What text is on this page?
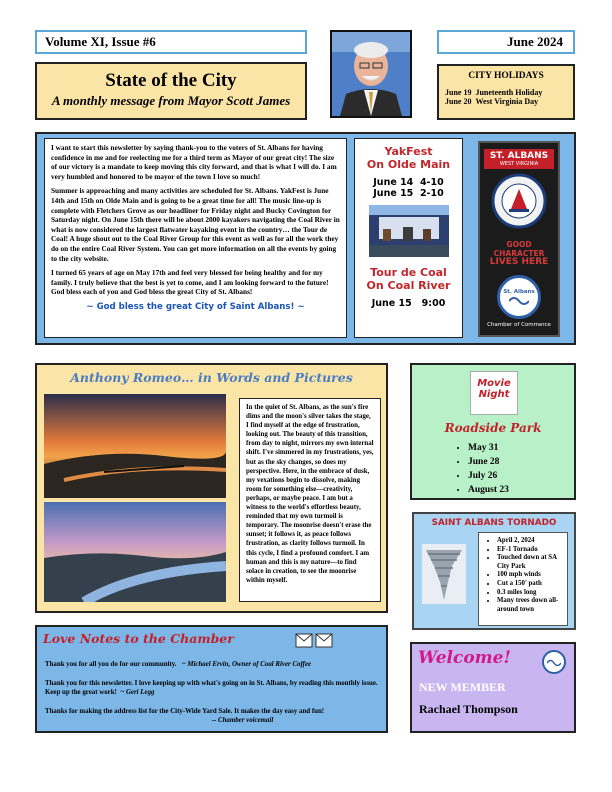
Volume XI, Issue #6	June 2024
State of the City
A monthly message from Mayor Scott James
CITY HOLIDAYS
June 19 Juneteenth Holiday
June 20 West Virginia Day

I want to start this newsletter by saying thank-you to the voters of St. Albans for having confidence in me and for reelecting me for a third term as Mayor of our great city! The size of our victory is a mandate to keep moving this city forward, and that is what I will do. I am very humbled and honored to be mayor of the town I love so much!

Summer is approaching and many activities are scheduled for St. Albans. YakFest is June 14th and 15th on Olde Main and is going to be a great time for all! The music line-up is complete with Fletchers Grove as our headliner for Friday night and Bucky Covington for Saturday night. On June 15th there will be about 2000 kayakers navigating the Coal River in what is now considered the largest flatwater kayaking event in the country… the Tour de Coal! A huge shout out to the Coal River Group for this event as well as for all the work they do on the entire Coal River System. You can get more information on all the events by going to the city website.

I turned 65 years of age on May 17th and feel very blessed for being healthy and for my family. I truly believe that the best is yet to come, and I am looking forward to the future! God bless each of you and God bless the great City of St. Albans!

~ God bless the great City of Saint Albans! ~
YakFest
On Olde Main
June 14 4-10
June 15 2-10
Tour de Coal
On Coal River
June 15 9:00
ST. ALBANS
WEST VIRGINIA
GOOD CHARACTER
LIVES HERE
St. Albans
Chamber of Commerce
Anthony Romeo… in Words and Pictures

In the quiet of St. Albans, as the sun's fire dims and the moon's silver takes the stage, I find myself at the edge of frustration, looking out. The beauty of this transition, from day to night, mirrors my own internal shift. I've simmered in my frustrations, yes, but as the sky changes, so does my perspective. Here, in the embrace of dusk, my vexations begin to dissolve, making room for something else—creativity, perhaps, or maybe peace. I am but a witness to the world's effortless beauty, reminded that my own turmoil is temporary. The moonrise doesn't erase the sunset; it follows it, as peace follows frustration, as clarity follows turmoil. In this cycle, I find a profound comfort. I am human and this is my nature—to find solace in creation, to see the moonrise within myself.

Movie
Night
Roadside Park
• May 31
• June 28
• July 26
• August 23
SAINT ALBANS TORNADO
• April 2, 2024
• EF-1 Tornado
• Touched down at SA City Park
• 100 mph winds
• Cut a 150' path
• 0.3 miles long
• Many trees down all-around town
Love Notes to the Chamber
Thank you for all you do for our community. ~ Michael Ervin, Owner of Coal River Coffee
Thank you for this newsletter. I love keeping up with what's going on in St. Albans, by reading this monthly issue. Keep up the great work! ~ Geri Legg
Thanks for making the address list for the City-Wide Yard Sale. It makes the day easy and fun!

-- Chamber voicemail
Welcome!
NEW MEMBER
Rachael Thompson
